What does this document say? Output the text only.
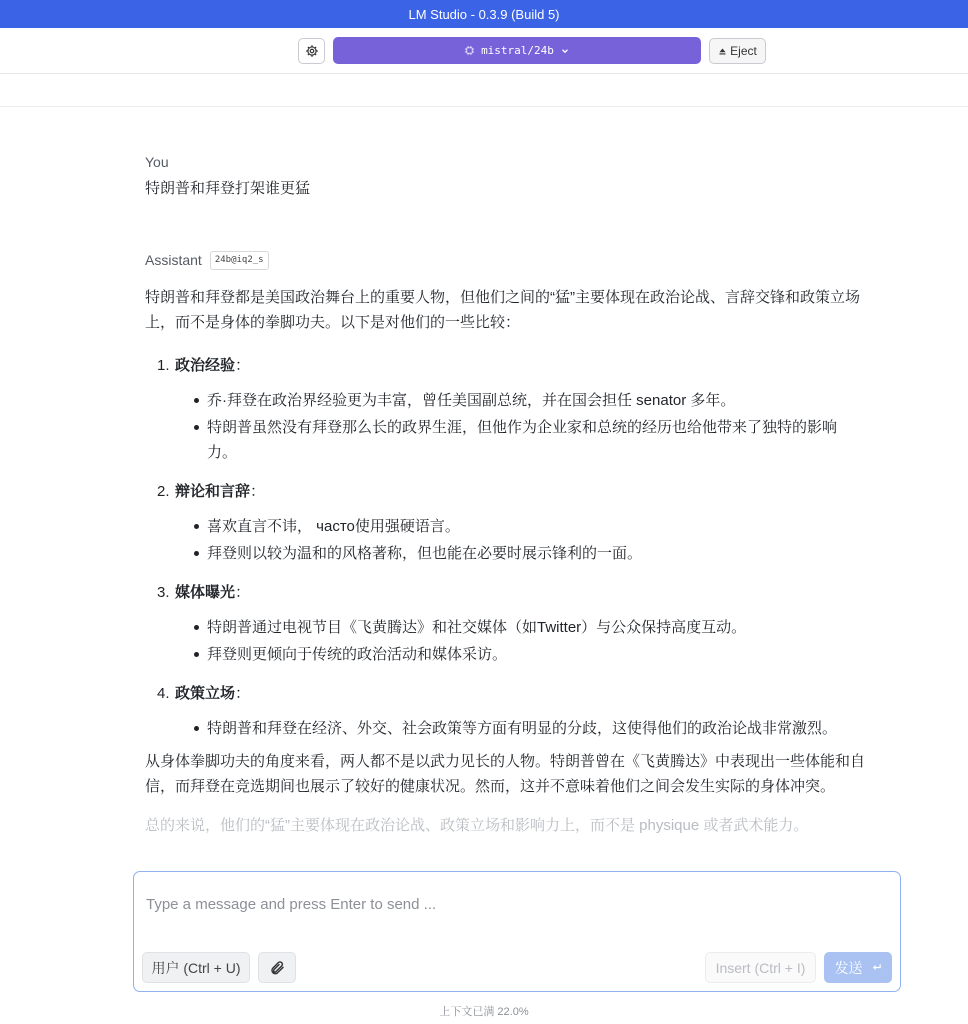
LM Studio - 0.3.9 (Build 5)
mistral/24b	Eject
You
特朗普和拜登打架谁更猛
Assistant	24b@iq2_s

特朗普和拜登都是美国政治舞台上的重要人物，但他们之间的“猛”主要体现在政治论战、言辞交锋和政策立场上，而不是身体的拳脚功夫。以下是对他们的一些比较：

1. 政治经验：
乔·拜登在政治界经验更为丰富，曾任美国副总统，并在国会担任 senator 多年。
特朗普虽然没有拜登那么长的政界生涯，但他作为企业家和总统的经历也给他带来了独特的影响力。
2. 辩论和言辞：
喜欢直言不讳， часто使用强硬语言。
拜登则以较为温和的风格著称，但也能在必要时展示锋利的一面。
3. 媒体曝光：
特朗普通过电视节目《飞黄腾达》和社交媒体（如Twitter）与公众保持高度互动。
拜登则更倾向于传统的政治活动和媒体采访。
4. 政策立场：
特朗普和拜登在经济、外交、社会政策等方面有明显的分歧，这使得他们的政治论战非常激烈。

从身体拳脚功夫的角度来看，两人都不是以武力见长的人物。特朗普曾在《飞黄腾达》中表现出一些体能和自信，而拜登在竞选期间也展示了较好的健康状况。然而，这并不意味着他们之间会发生实际的身体冲突。

总的来说，他们的“猛”主要体现在政治论战、政策立场和影响力上，而不是 physique 或者武术能力。

Type a message and press Enter to send ...
用户 (Ctrl + U)	Insert (Ctrl + I)	发送
上下文已满 22.0%
